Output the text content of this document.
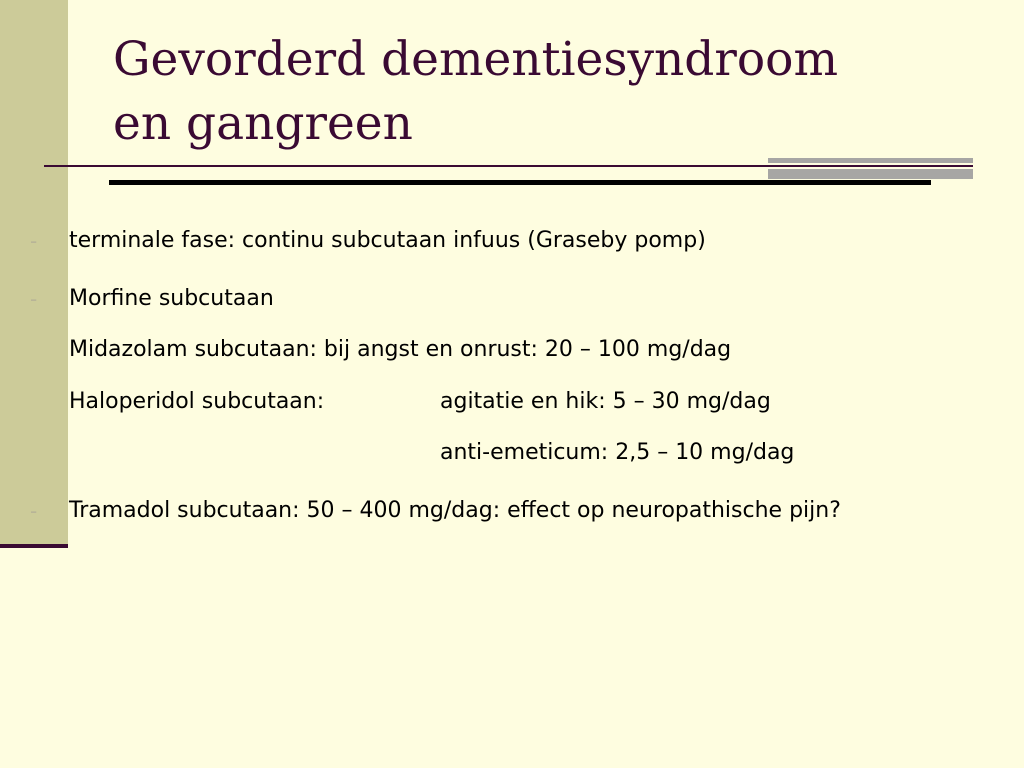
Gevorderd dementiesyndroom
en gangreen
- terminale fase: continu subcutaan infuus (Graseby pomp)
- Morfine subcutaan
Midazolam subcutaan: bij angst en onrust: 20 – 100 mg/dag
Haloperidol subcutaan:	agitatie en hik: 5 – 30 mg/dag
anti-emeticum: 2,5 – 10 mg/dag
- Tramadol subcutaan: 50 – 400 mg/dag: effect op neuropathische pijn?
